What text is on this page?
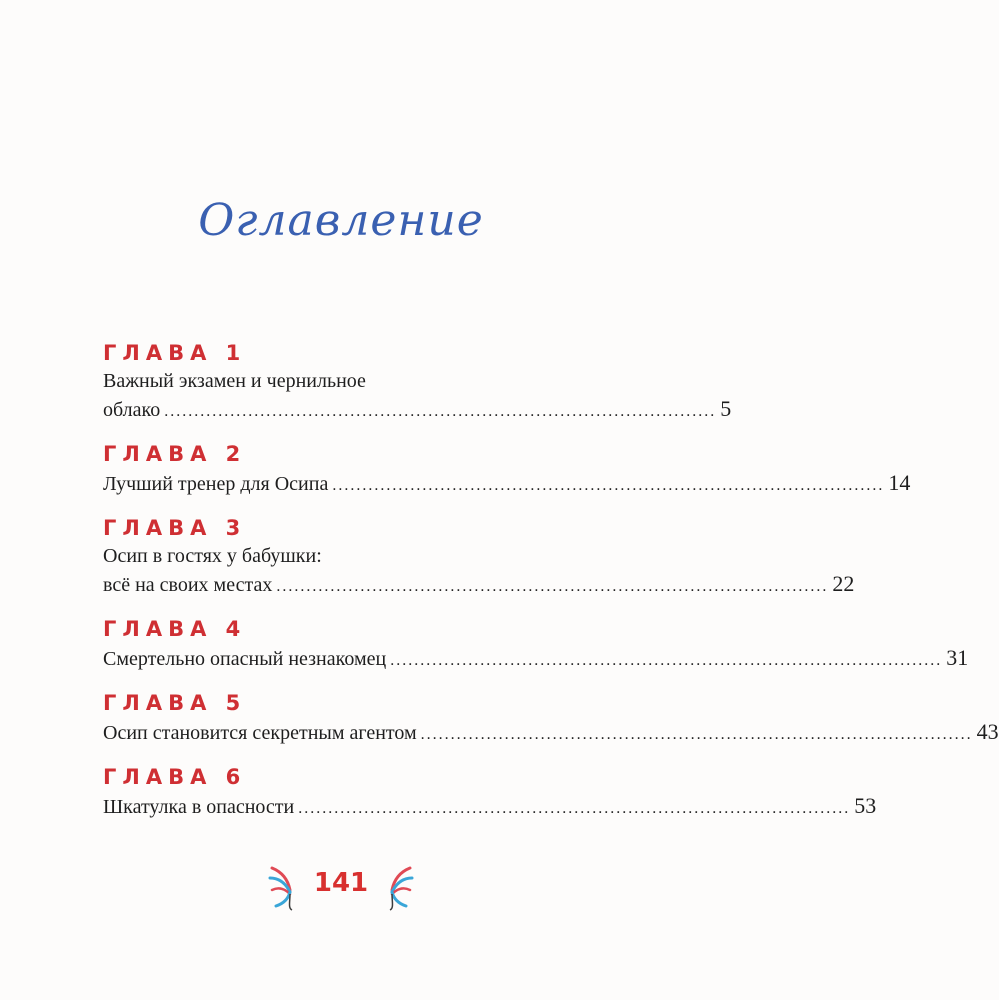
Оглавление
ГЛАВА 1
Важный экзамен и чернильное
облако ............................................................................................ 5
ГЛАВА 2
Лучший тренер для Осипа ............................................................................................ 14
ГЛАВА 3
Осип в гостях у бабушки:
всё на своих местах ............................................................................................ 22
ГЛАВА 4
Смертельно опасный незнакомец ............................................................................................ 31
ГЛАВА 5
Осип становится секретным агентом ............................................................................................ 43
ГЛАВА 6
Шкатулка в опасности ............................................................................................ 53
141
